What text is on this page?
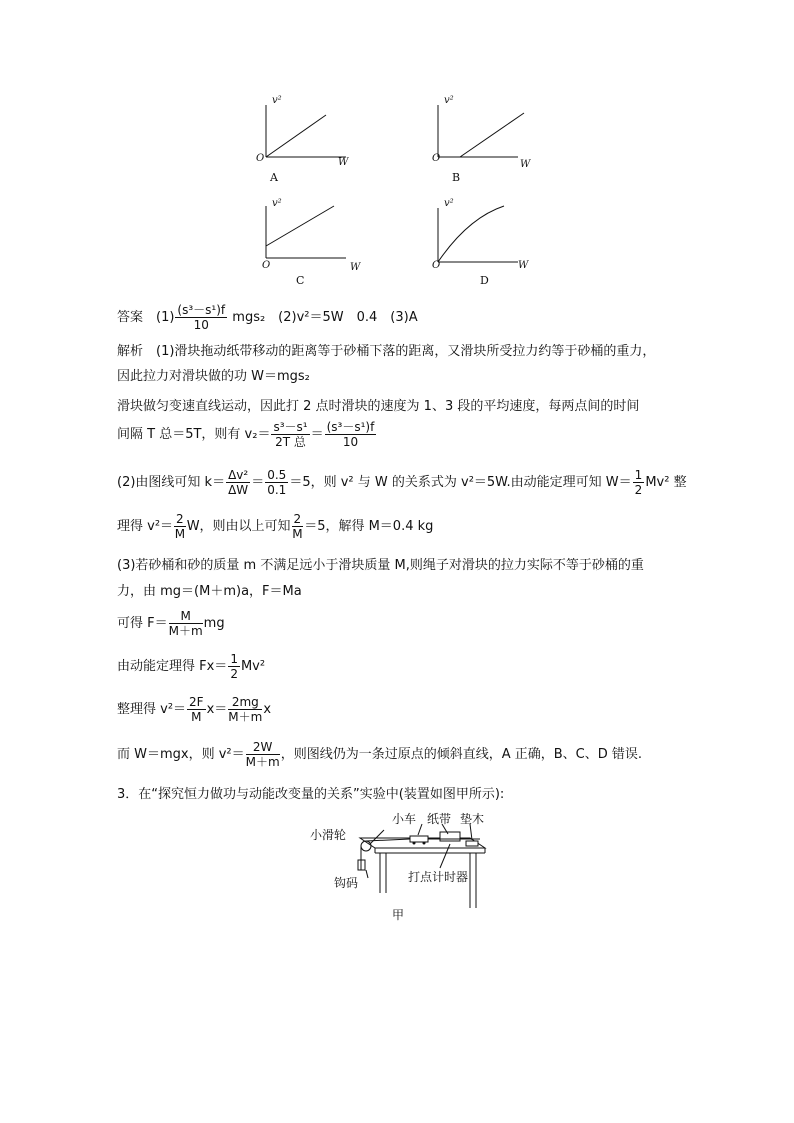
v²
O	W
A
v²
O
W
B
v²
O	W
C
v²
O	W
D
答案　$(1) \frac{\text{(s³－s¹)f}}{10} mgs_2$　(2)v²＝5W　0.4　(3)A
解析　(1)滑块拖动纸带移动的距离等于砂桶下落的距离，又滑块所受拉力约等于砂桶的重力，
因此拉力对滑块做的功 W＝mgs₂
滑块做匀变速直线运动，因此打 2 点时滑块的速度为 1、3 段的平均速度，每两点间的时间
间隔 T 总＝5T，则有 $v_2= \frac{\text{s³－s¹}}{\text{2T 总}} = \frac{\text{(s³－s¹)f}}{10}$
(2)由图线可知 $k= \frac{\text{Δv²}}{\Delta W} = \frac{0.5}{0.1} =5$，则 v² 与 W 的关系式为 v²＝5W.由动能定理可知 $W= \frac{1}{2} Mv^2$ 整
理得 $v^2= \frac{2}{M}$ W，则由以上可知 $\frac{2}{M} =5$，解得 M＝0.4 kg
(3)若砂桶和砂的质量 m 不满足远小于滑块质量 M,则绳子对滑块的拉力实际不等于砂桶的重
力，由 mg＝(M＋m)a，F＝Ma
可得 $F= \frac{M}{M+m}$ mg
由动能定理得 $Fx= \frac{1}{2} Mv^2$
整理得 $v^2= \frac{2F}{M} x= \frac{2mg}{M+m}$ x
而 W＝mgx，则 $v^2= \frac{2W}{M+m}$ ，则图线仍为一条过原点的倾斜直线，A 正确，B、C、D 错误.
3．在“探究恒力做功与动能改变量的关系”实验中(装置如图甲所示):
小滑轮
小车 纸带 垫木
钩码	打点计时器
甲
